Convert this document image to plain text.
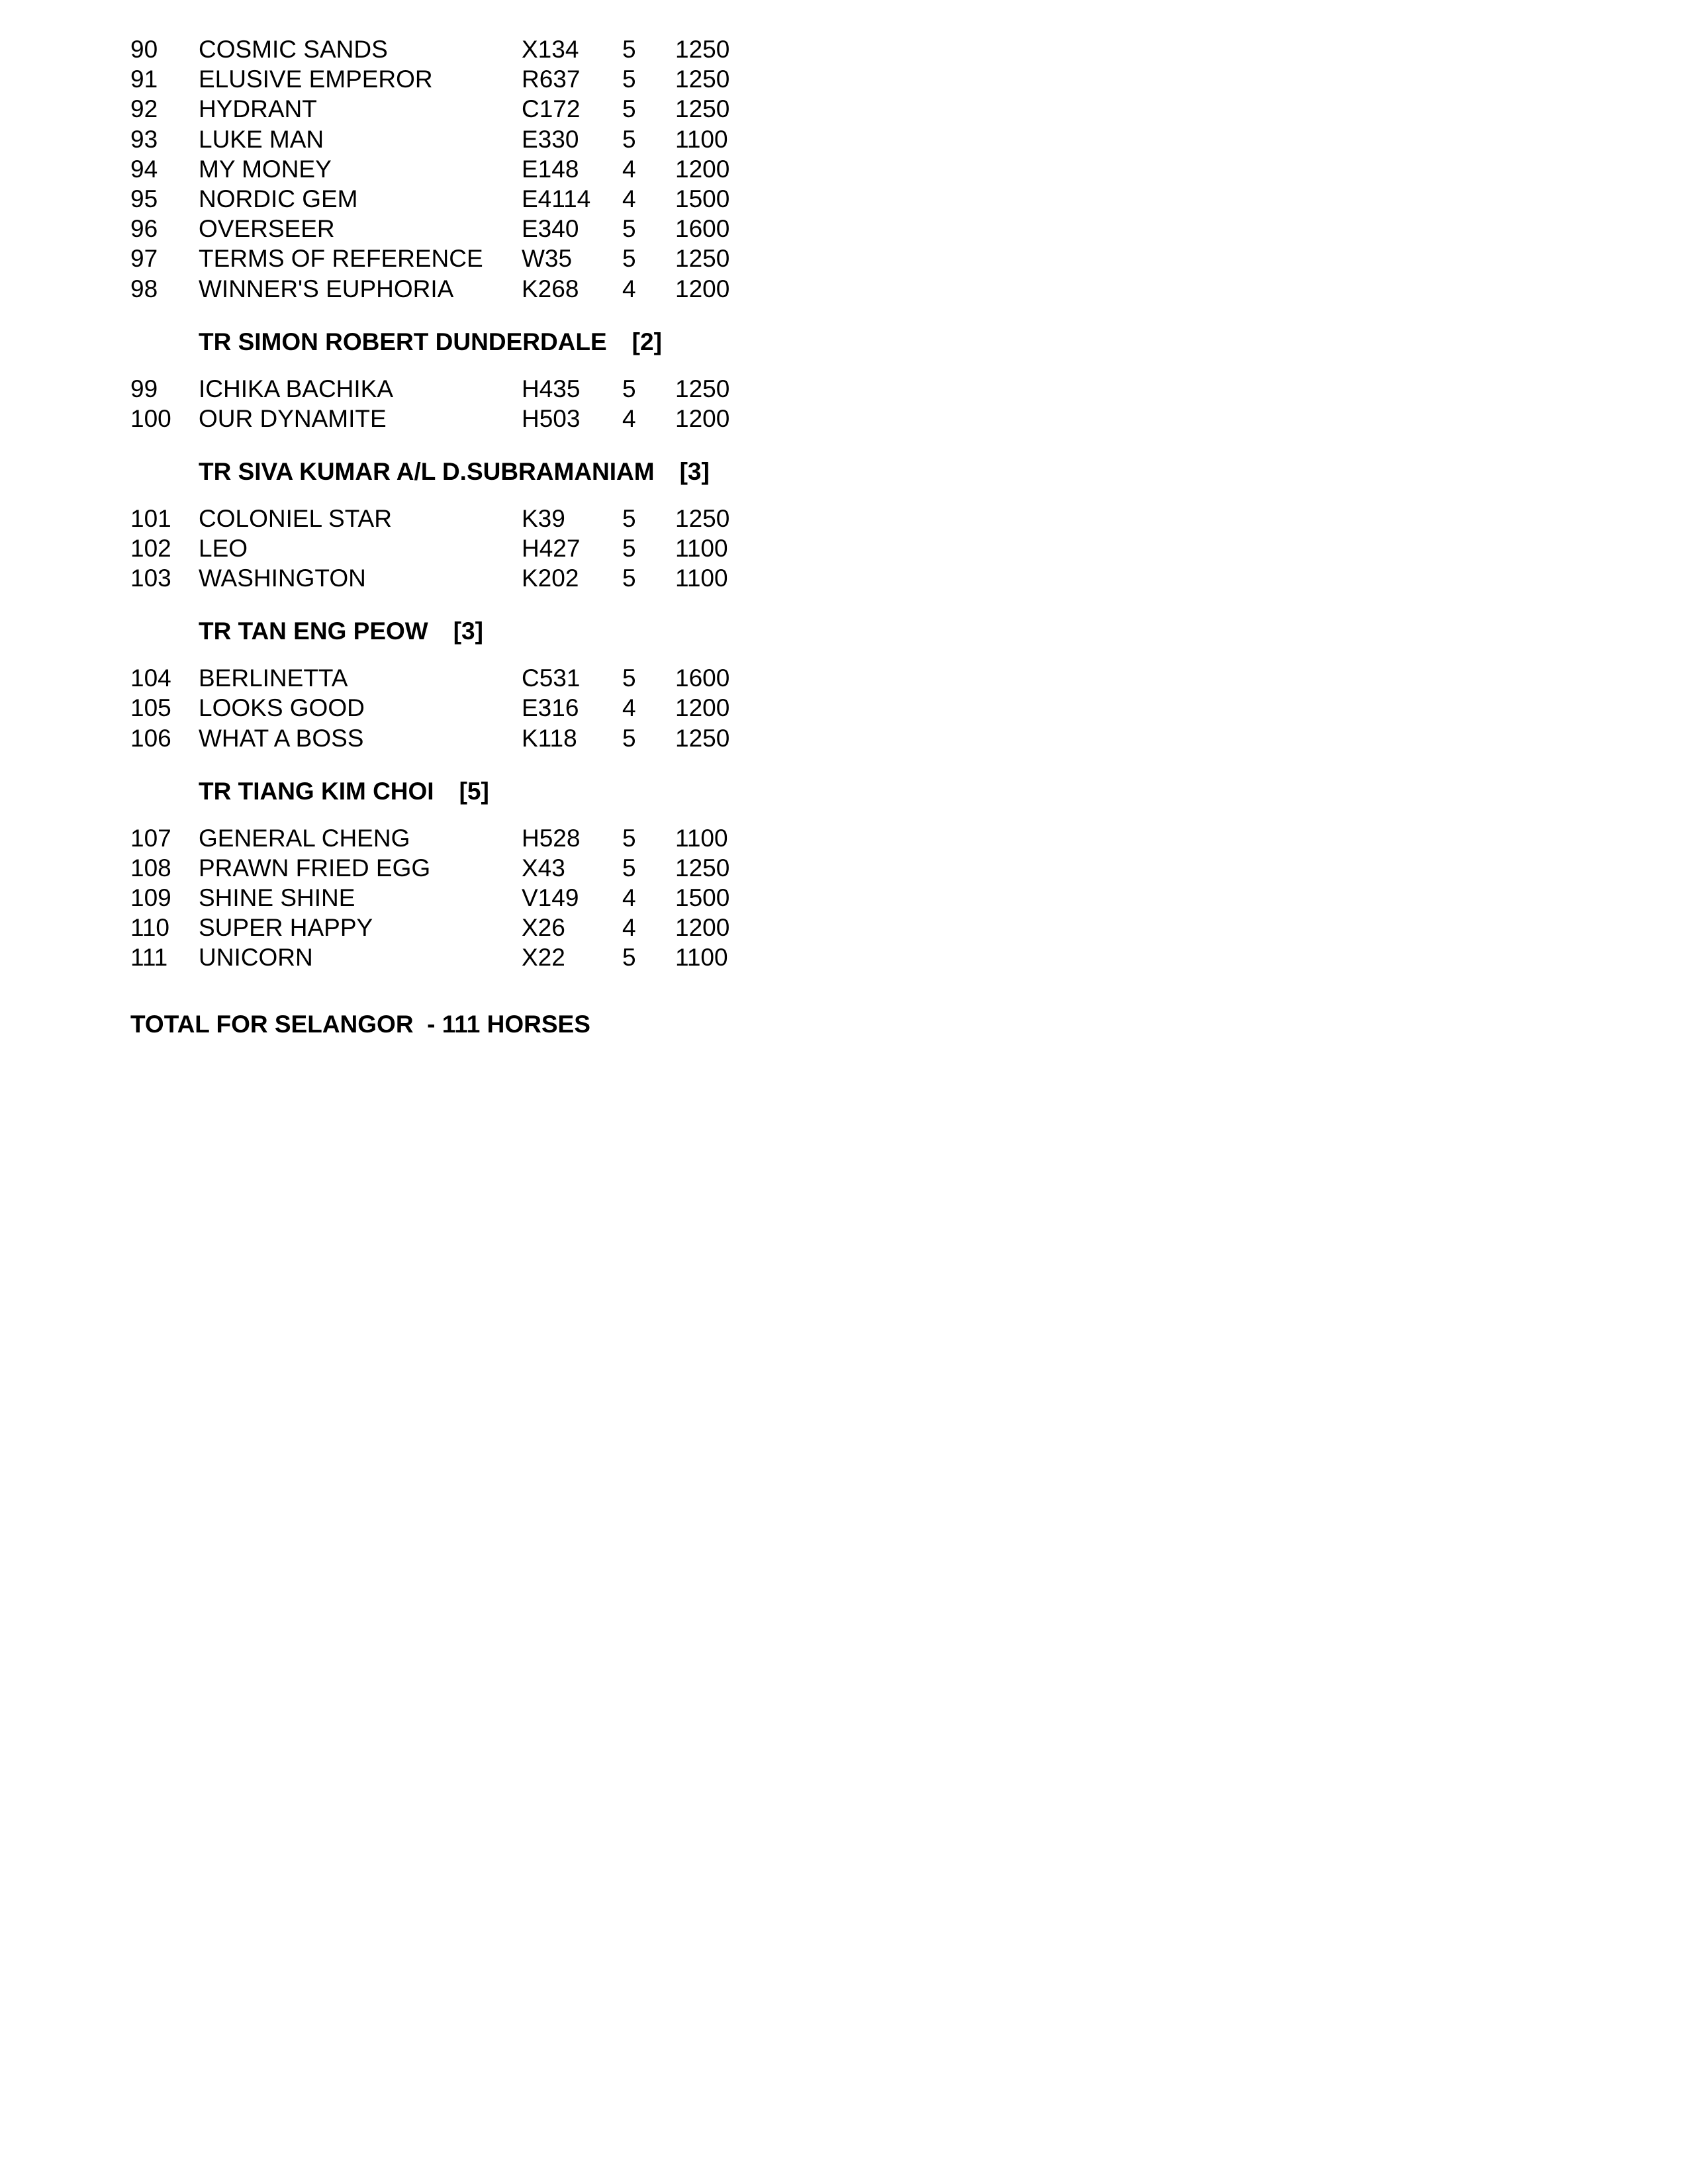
90 COSMIC SANDS	X134 5 1250
91 ELUSIVE EMPEROR	R637 5 1250
92 HYDRANT	C172 5 1250
93 LUKE MAN	E330 5 1100
94 MY MONEY	E148 4 1200
95 NORDIC GEM	E4114 4 1500
96 OVERSEER	E340 5 1600
97 TERMS OF REFERENCE W35 5 1250
98 WINNER'S EUPHORIA	K268 4 1200
TR SIMON ROBERT DUNDERDALE [2]
99 ICHIKA BACHIKA	H435 5 1250
100 OUR DYNAMITE	H503 4 1200
TR SIVA KUMAR A/L D.SUBRAMANIAM [3]
101 COLONIEL STAR	K39 5 1250
102 LEO	H427 5 1100
103 WASHINGTON	K202 5 1100
TR TAN ENG PEOW [3]
104 BERLINETTA	C531 5 1600
105 LOOKS GOOD	E316 4 1200
106 WHAT A BOSS	K118 5 1250
TR TIANG KIM CHOI [5]
107 GENERAL CHENG	H528 5 1100
108 PRAWN FRIED EGG	X43 5 1250
109 SHINE SHINE	V149 4 1500
110 SUPER HAPPY	X26 4 1200
111 UNICORN	X22 5 1100
TOTAL FOR SELANGOR  - 111 HORSES
